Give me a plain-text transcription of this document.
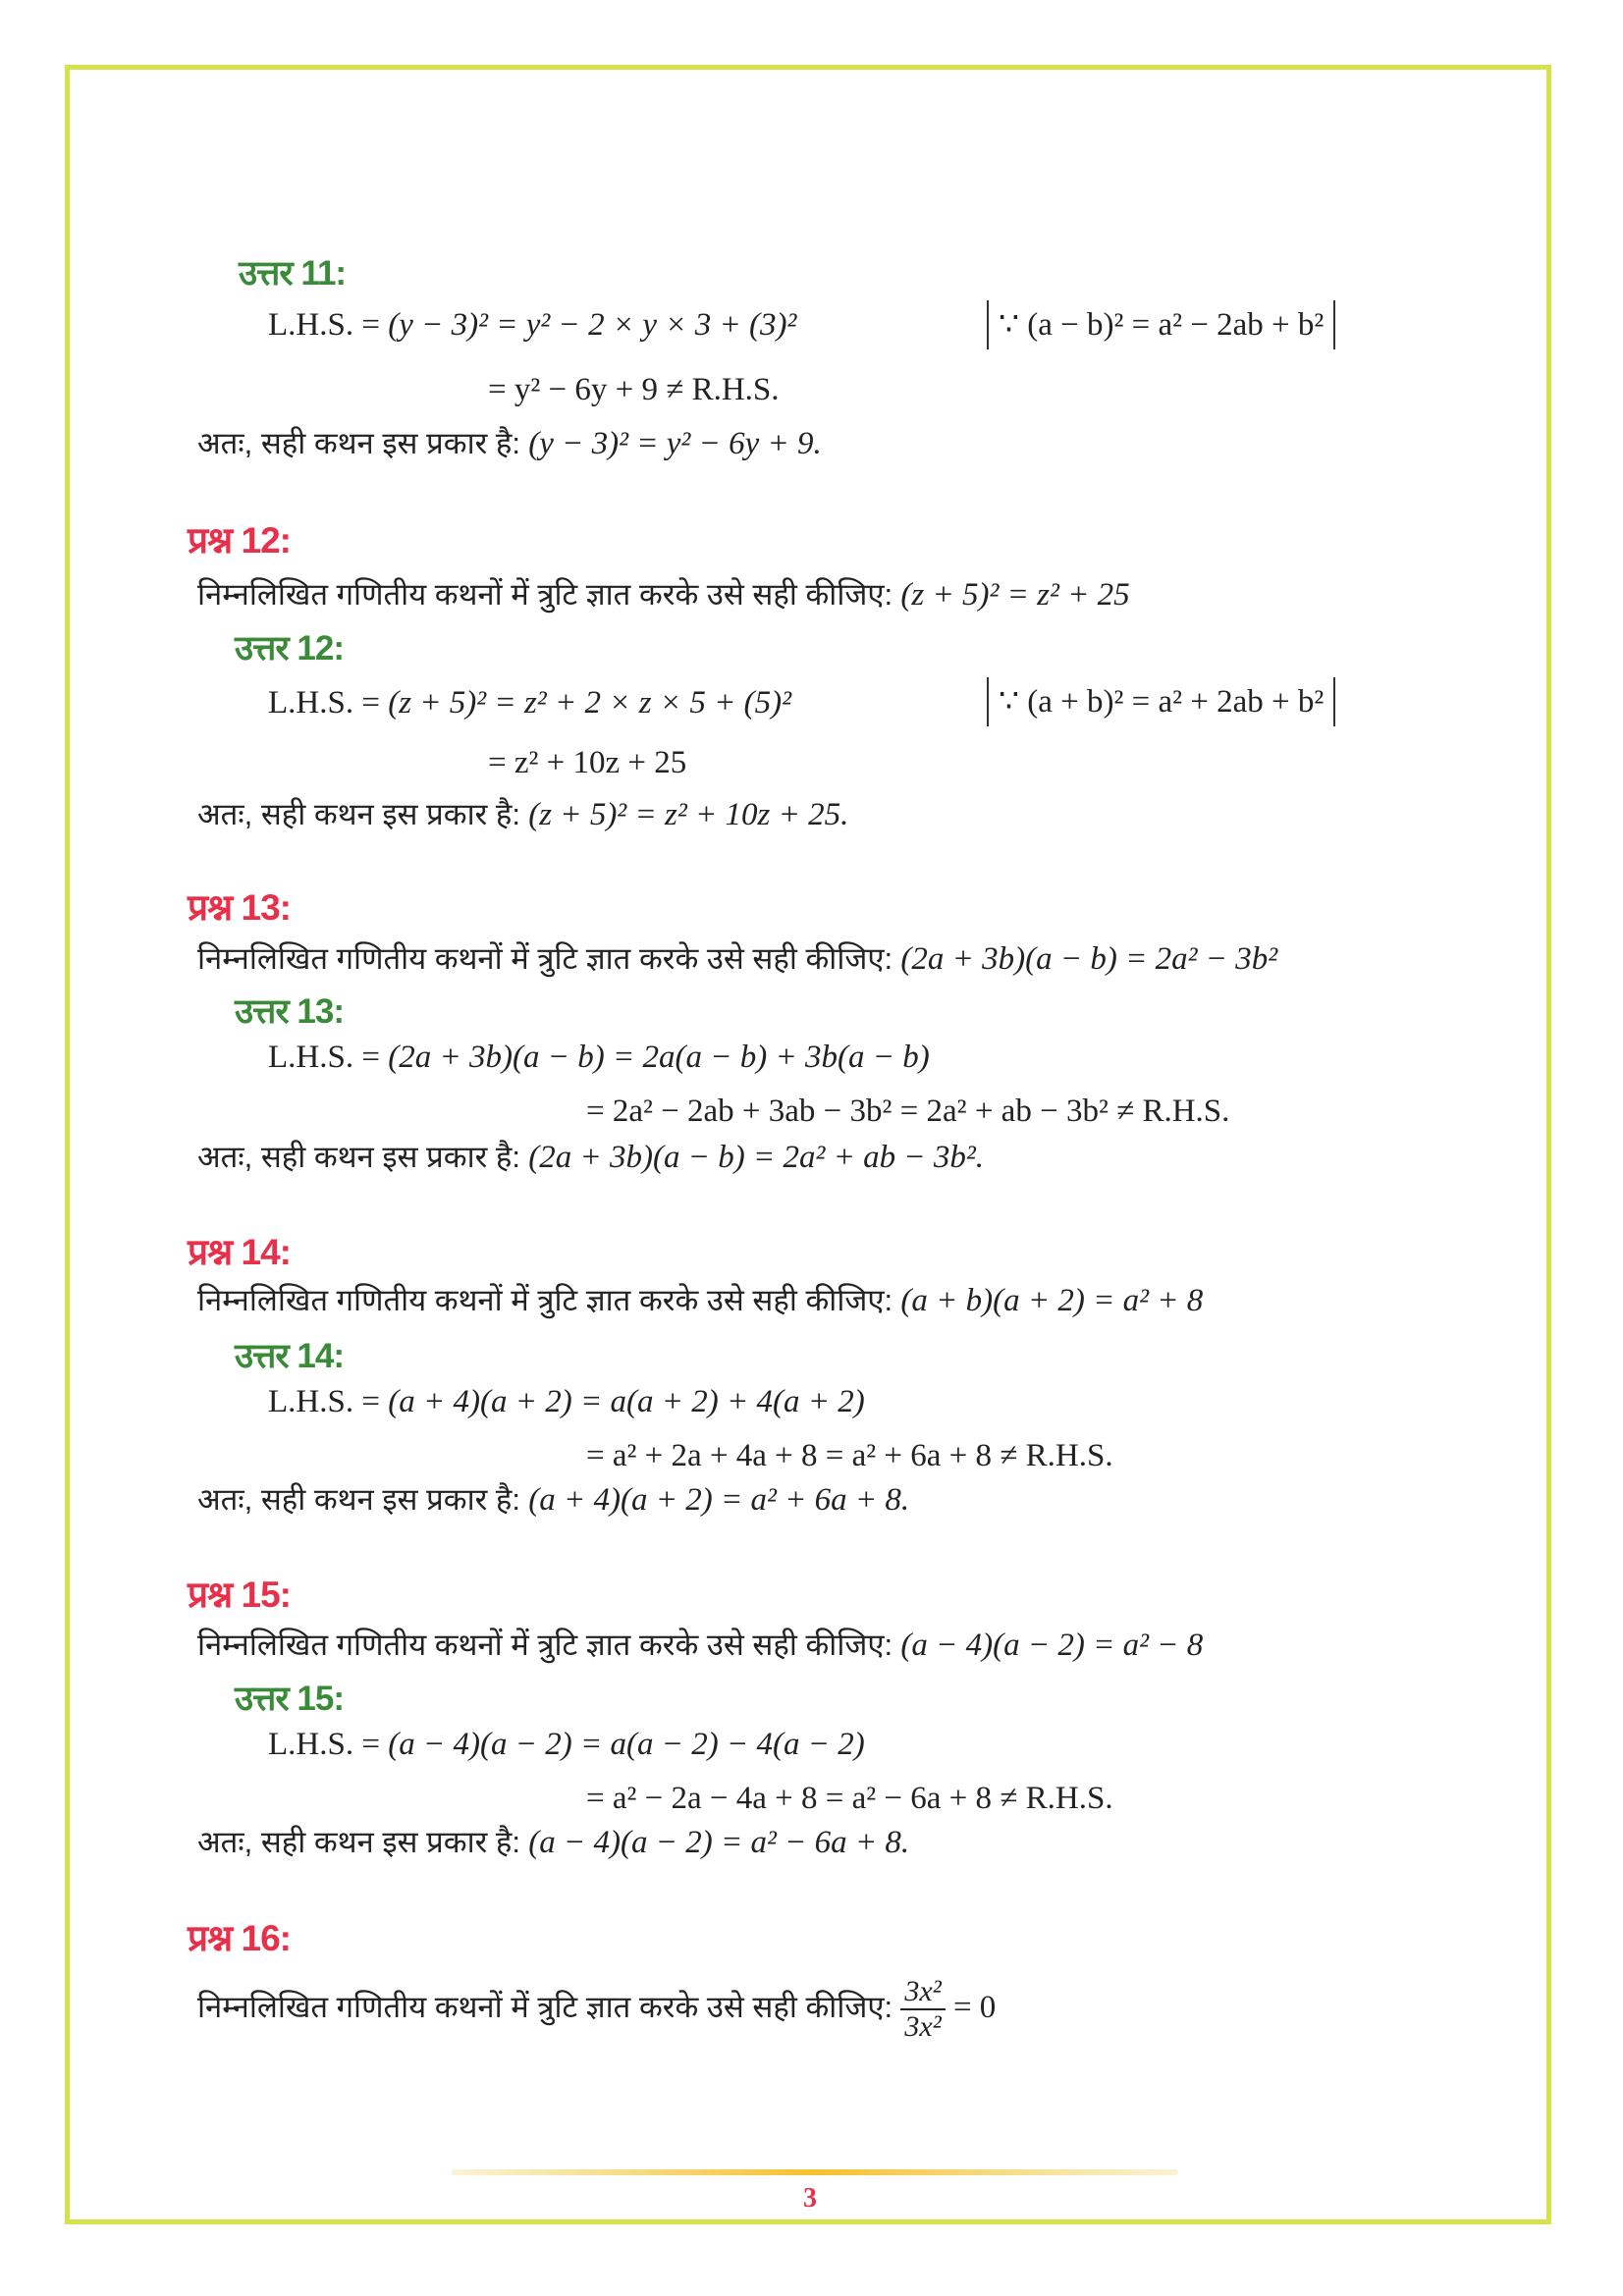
उत्तर 11:
L.H.S. = (y − 3)² = y² − 2 × y × 3 + (3)²	∵ (a − b)² = a² − 2ab + b²
= y² − 6y + 9 ≠ R.H.S.
अतः, सही कथन इस प्रकार है: (y − 3)² = y² − 6y + 9.
प्रश्न 12:
निम्नलिखित गणितीय कथनों में त्रुटि ज्ञात करके उसे सही कीजिए: (z + 5)² = z² + 25
उत्तर 12:
L.H.S. = (z + 5)² = z² + 2 × z × 5 + (5)²	∵ (a + b)² = a² + 2ab + b²
= z² + 10z + 25
अतः, सही कथन इस प्रकार है: (z + 5)² = z² + 10z + 25.
प्रश्न 13:
निम्नलिखित गणितीय कथनों में त्रुटि ज्ञात करके उसे सही कीजिए: (2a + 3b)(a − b) = 2a² − 3b²
उत्तर 13:
L.H.S. = (2a + 3b)(a − b) = 2a(a − b) + 3b(a − b)
= 2a² − 2ab + 3ab − 3b² = 2a² + ab − 3b² ≠ R.H.S.
अतः, सही कथन इस प्रकार है: (2a + 3b)(a − b) = 2a² + ab − 3b².
प्रश्न 14:
निम्नलिखित गणितीय कथनों में त्रुटि ज्ञात करके उसे सही कीजिए: (a + b)(a + 2) = a² + 8
उत्तर 14:
L.H.S. = (a + 4)(a + 2) = a(a + 2) + 4(a + 2)
= a² + 2a + 4a + 8 = a² + 6a + 8 ≠ R.H.S.
अतः, सही कथन इस प्रकार है: (a + 4)(a + 2) = a² + 6a + 8.
प्रश्न 15:
निम्नलिखित गणितीय कथनों में त्रुटि ज्ञात करके उसे सही कीजिए: (a − 4)(a − 2) = a² − 8
उत्तर 15:
L.H.S. = (a − 4)(a − 2) = a(a − 2) − 4(a − 2)
= a² − 2a − 4a + 8 = a² − 6a + 8 ≠ R.H.S.
अतः, सही कथन इस प्रकार है: (a − 4)(a − 2) = a² − 6a + 8.
प्रश्न 16:
निम्नलिखित गणितीय कथनों में त्रुटि ज्ञात करके उसे सही कीजिए: $\frac{\text{3x²}}{\text{3x²}} = 0$
3
